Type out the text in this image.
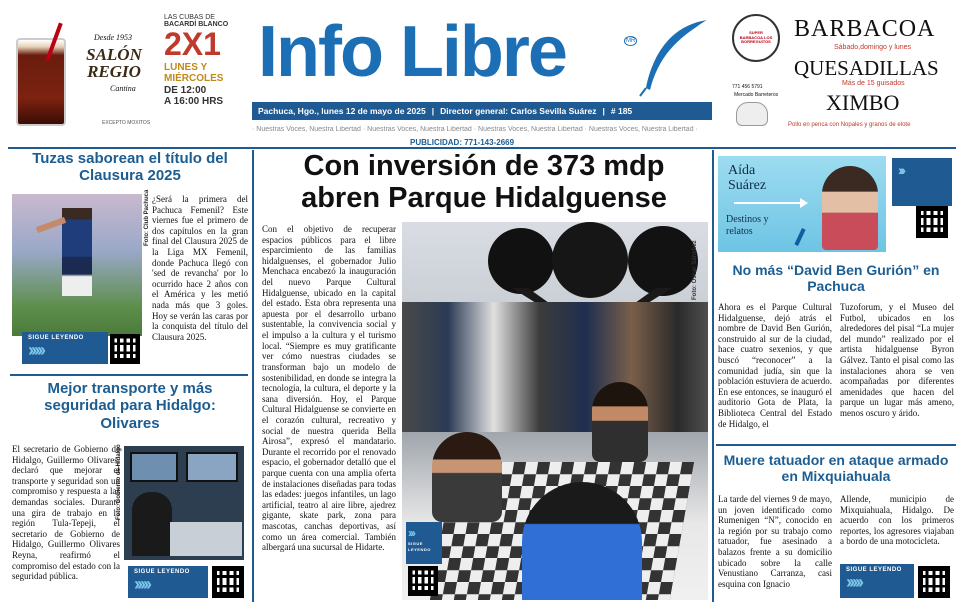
Desde 1953
SALÓN REGIO
Cantina
EXCEPTO MOXITOS
LAS CUBAS DE
BACARDÍ BLANCO
2X1
LUNES Y MIÉRCOLES
DE 12:00
A 16:00 HRS
Info Libre	MR
Pachuca, Hgo., lunes 12 de mayo de 2025 | Director general: Carlos Sevilla Suárez | # 185
· Nuestras Voces, Nuestra Libertad · Nuestras Voces, Nuestra Libertad · Nuestras Voces, Nuestra Libertad · Nuestras Voces, Nuestra Libertad ·
PUBLICIDAD: 771-143-2669
SUPER BARBACOA LOS BORREGUITOS BARBACOA
Sábado,domingo y lunes
QUESADILLAS
Más de 15 guisados
XIMBO
Pollo en penca con Nopales y granos de elote
771 456 5791
Mercado Barreteros
Tuzas saborean el título del Clausura 2025
Foto: Club Pachuca ¿Será la primera del Pachuca Femenil? Este viernes fue el primero de dos capítulos en la gran final del Clausura 2025 de la Liga MX Femenil, donde Pachuca llegó con 'sed de revancha' por lo ocurrido hace 2 años con el América y les metió nada más que 3 goles. Hoy se verán las caras por la conquista del título del Clausura 2025.
SIGUE LEYENDO
›››››
Mejor transporte y más seguridad para Hidalgo: Olivares
El secretario de Gobierno de Hidalgo, Guillermo Olivares, declaró que mejorar el transporte y seguridad son un compromiso y respuesta a las demandas sociales. Durante una gira de trabajo en la región Tula-Tepeji, el secretario de Gobierno de Hidalgo, Guillermo Olivares Reyna, reafirmó el compromiso del estado con la seguridad pública.
Foto: Gobierno de Hidalgo
SIGUE LEYENDO
›››››
Con inversión de 373 mdp abren Parque Hidalguense
Con el objetivo de recuperar espacios públicos para el libre esparcimiento de las familias hidalguenses, el gobernador Julio Menchaca encabezó la inauguración del nuevo Parque Cultural Hidalguense, ubicado en la capital del estado. Esta obra representa una apuesta por el desarrollo urbano sustentable, la convivencia social y el impulso a la cultura y el turismo local. “Siempre es muy gratificante ver cómo nuestras ciudades se transforman bajo un modelo de sostenibilidad, en donde se integra la tecnología, la cultura, el deporte y la sana diversión. Hoy, el Parque Cultural Hidalguense se convierte en el corazón cultural, recreativo y social de nuestra querida Bella Airosa”, expresó el mandatario. Durante el recorrido por el renovado espacio, el gobernador detalló que el parque cuenta con una amplia oferta de instalaciones diseñadas para todas las edades: juegos infantiles, un lago artificial, teatro al aire libre, ajedrez gigante, skate park, zona para mascotas, canchas deportivas, así como un área comercial. También albergará una sucursal de Hidarte.
Foto: Oscar Sánchez
›››
SIGUE LEYENDO
Aída Suárez
Destinos y relatos
›››
No más “David Ben Gurión” en Pachuca
Ahora es el Parque Cultural Hidalguense, dejó atrás el nombre de David Ben Gurión, construido al sur de la ciudad, hace cuatro sexenios, y que buscó “reconocer” a la comunidad judía, sin que la población estuviera de acuerdo. En ese entonces, se inauguró el auditorio Gota de Plata, la Biblioteca Central del Estado de Hidalgo, el
Tuzoforum, y el Museo del Futbol, ubicados en los alrededores del pisal “La mujer del mundo” realizado por el artista hidalguense Byron Gálvez. Tanto el pisal como las instalaciones ahora se ven acompañadas por diferentes amenidades que hacen del parque un lugar más ameno, menos oscuro y árido.
Muere tatuador en ataque armado en Mixquiahuala
La tarde del viernes 9 de mayo, un joven identificado como Rumenigen “N”, conocido en la región por su trabajo como tatuador, fue asesinado a balazos frente a su domicilio ubicado sobre la calle Venustiano Carranza, casi esquina con Ignacio
Allende, municipio de Mixquiahuala, Hidalgo. De acuerdo con los primeros reportes, los agresores viajaban a bordo de una motocicleta.
SIGUE LEYENDO
›››››
